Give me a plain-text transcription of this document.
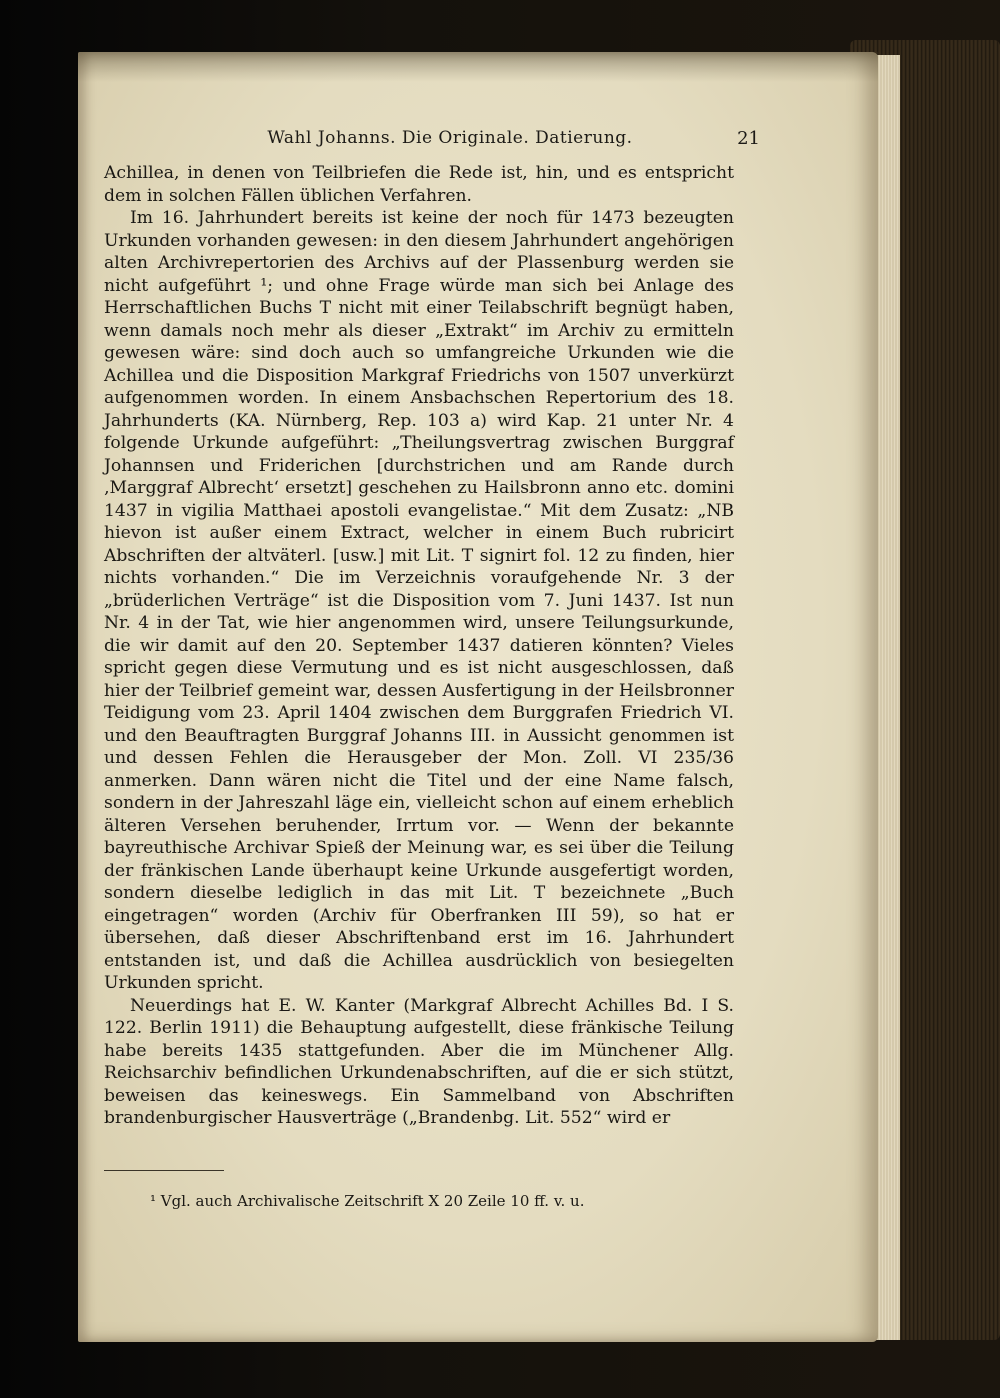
Wahl Johanns. Die Originale. Datierung.	21

Achillea, in denen von Teilbriefen die Rede ist, hin, und es entspricht dem in solchen Fällen üblichen Verfahren.

Im 16. Jahrhundert bereits ist keine der noch für 1473 bezeugten Urkunden vorhanden gewesen: in den diesem Jahrhundert angehörigen alten Archivrepertorien des Archivs auf der Plassenburg werden sie nicht aufgeführt ¹; und ohne Frage würde man sich bei Anlage des Herrschaftlichen Buchs T nicht mit einer Teilabschrift begnügt haben, wenn damals noch mehr als dieser „Extrakt“ im Archiv zu ermitteln gewesen wäre: sind doch auch so umfangreiche Urkunden wie die Achillea und die Disposition Markgraf Friedrichs von 1507 unverkürzt aufgenommen worden. In einem Ansbachschen Repertorium des 18. Jahrhunderts (KA. Nürnberg, Rep. 103 a) wird Kap. 21 unter Nr. 4 folgende Urkunde aufgeführt: „Theilungsvertrag zwischen Burggraf Johannsen und Friderichen [durchstrichen und am Rande durch ‚Marggraf Albrecht‘ ersetzt] geschehen zu Hailsbronn anno etc. domini 1437 in vigilia Matthaei apostoli evangelistae.“ Mit dem Zusatz: „NB hievon ist außer einem Extract, welcher in einem Buch rubricirt Abschriften der altväterl. [usw.] mit Lit. T signirt fol. 12 zu finden, hier nichts vorhanden.“ Die im Verzeichnis voraufgehende Nr. 3 der „brüderlichen Verträge“ ist die Disposition vom 7. Juni 1437. Ist nun Nr. 4 in der Tat, wie hier angenommen wird, unsere Teilungsurkunde, die wir damit auf den 20. September 1437 datieren könnten? Vieles spricht gegen diese Vermutung und es ist nicht ausgeschlossen, daß hier der Teilbrief gemeint war, dessen Ausfertigung in der Heilsbronner Teidigung vom 23. April 1404 zwischen dem Burggrafen Friedrich VI. und den Beauftragten Burggraf Johanns III. in Aussicht genommen ist und dessen Fehlen die Herausgeber der Mon. Zoll. VI 235/36 anmerken. Dann wären nicht die Titel und der eine Name falsch, sondern in der Jahreszahl läge ein, vielleicht schon auf einem erheblich älteren Versehen beruhender, Irrtum vor. — Wenn der bekannte bayreuthische Archivar Spieß der Meinung war, es sei über die Teilung der fränkischen Lande überhaupt keine Urkunde ausgefertigt worden, sondern dieselbe lediglich in das mit Lit. T bezeichnete „Buch eingetragen“ worden (Archiv für Oberfranken III 59), so hat er übersehen, daß dieser Abschriftenband erst im 16. Jahrhundert entstanden ist, und daß die Achillea ausdrücklich von besiegelten Urkunden spricht.

Neuerdings hat E. W. Kanter (Markgraf Albrecht Achilles Bd. I S. 122. Berlin 1911) die Behauptung aufgestellt, diese fränkische Teilung habe bereits 1435 stattgefunden. Aber die im Münchener Allg. Reichsarchiv befindlichen Urkundenabschriften, auf die er sich stützt, beweisen das keineswegs. Ein Sammelband von Abschriften brandenburgischer Hausverträge („Brandenbg. Lit. 552“ wird er

¹ Vgl. auch Archivalische Zeitschrift X 20 Zeile 10 ff. v. u.
